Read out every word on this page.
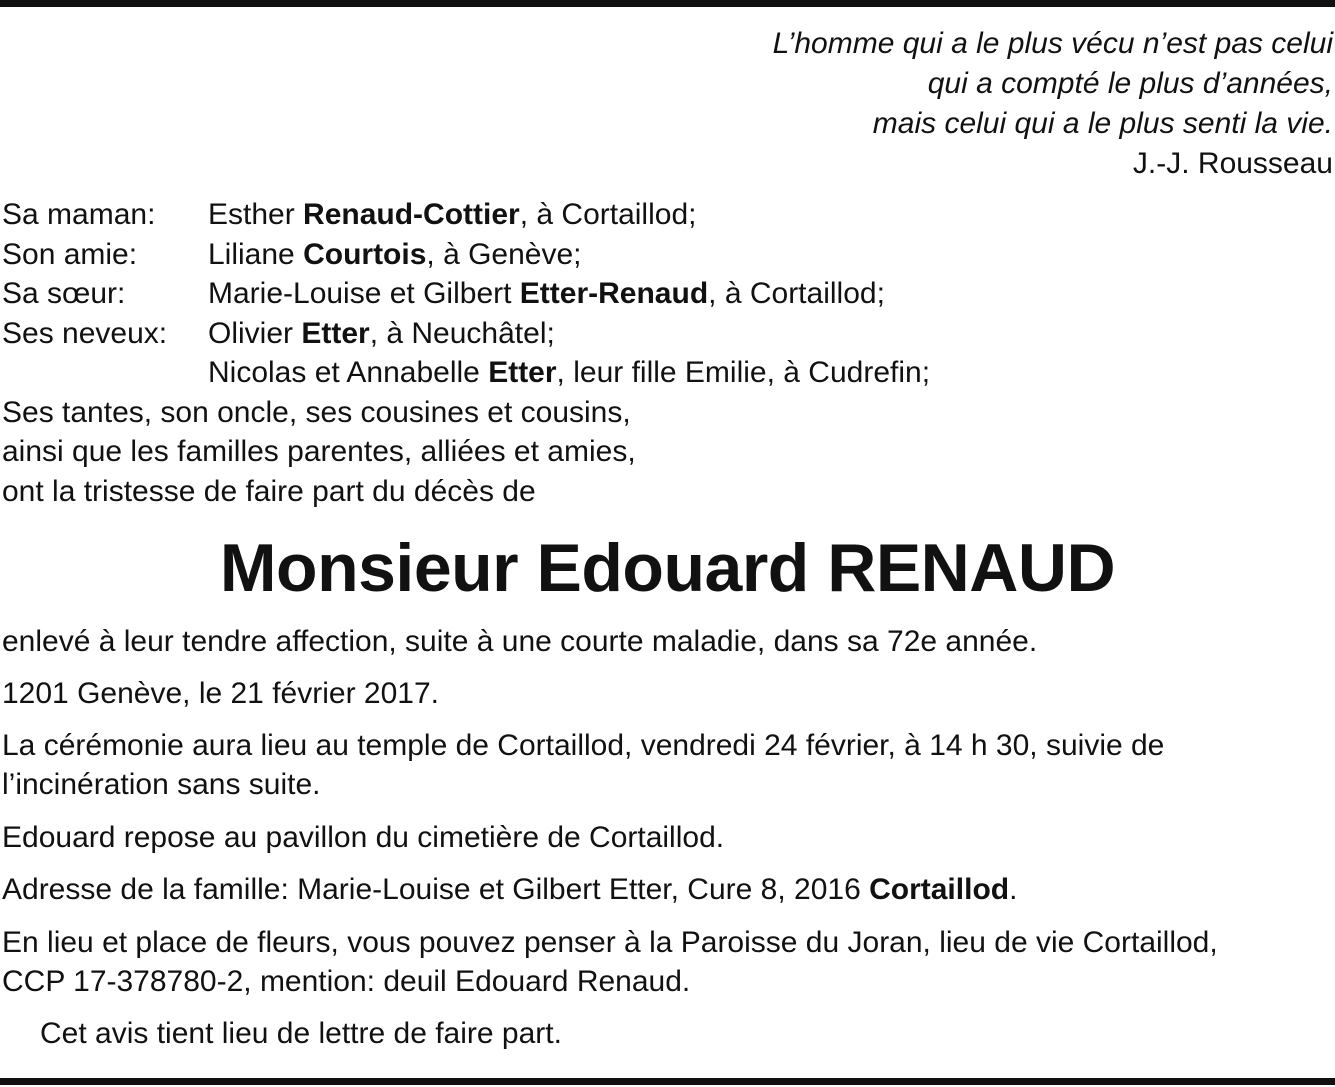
L’homme qui a le plus vécu n’est pas celui
qui a compté le plus d’années,
mais celui qui a le plus senti la vie.
J.-J. Rousseau
Sa maman: Esther Renaud-Cottier, à Cortaillod;
Son amie: Liliane Courtois, à Genève;
Sa sœur:	Marie-Louise et Gilbert Etter-Renaud, à Cortaillod;
Ses neveux: Olivier Etter, à Neuchâtel;
Nicolas et Annabelle Etter, leur fille Emilie, à Cudrefin;
Ses tantes, son oncle, ses cousines et cousins,
ainsi que les familles parentes, alliées et amies,
ont la tristesse de faire part du décès de
Monsieur Edouard RENAUD

enlevé à leur tendre affection, suite à une courte maladie, dans sa 72e année.

1201 Genève, le 21 février 2017.

La cérémonie aura lieu au temple de Cortaillod, vendredi 24 février, à 14 h 30, suivie de
l’incinération sans suite.

Edouard repose au pavillon du cimetière de Cortaillod.

Adresse de la famille: Marie-Louise et Gilbert Etter, Cure 8, 2016 Cortaillod.

En lieu et place de fleurs, vous pouvez penser à la Paroisse du Joran, lieu de vie Cortaillod,
CCP 17-378780-2, mention: deuil Edouard Renaud.

Cet avis tient lieu de lettre de faire part.
